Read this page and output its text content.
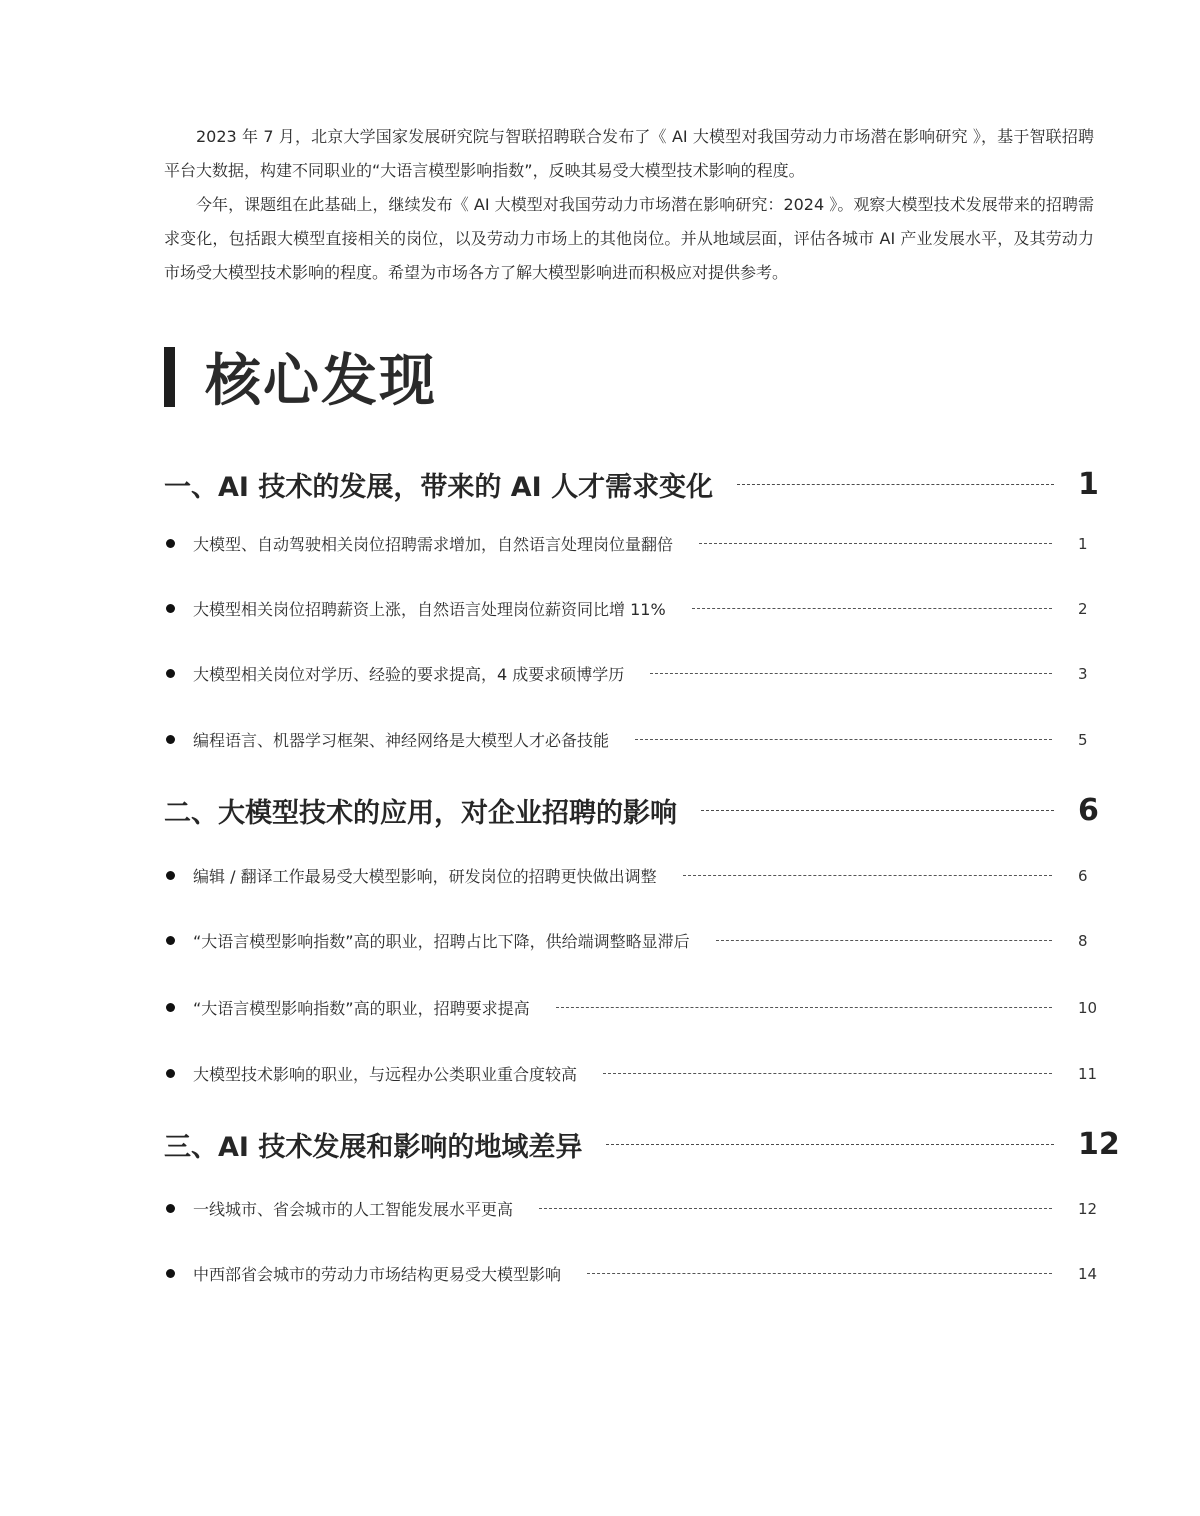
2023 年 7 月，北京大学国家发展研究院与智联招聘联合发布了《 AI 大模型对我国劳动力市场潜在影响研究 》，基于智联招聘平台大数据，构建不同职业的“大语言模型影响指数”，反映其易受大模型技术影响的程度。

今年，课题组在此基础上，继续发布《 AI 大模型对我国劳动力市场潜在影响研究：2024 》。观察大模型技术发展带来的招聘需求变化，包括跟大模型直接相关的岗位，以及劳动力市场上的其他岗位。并从地域层面，评估各城市 AI 产业发展水平，及其劳动力市场受大模型技术影响的程度。希望为市场各方了解大模型影响进而积极应对提供参考。

核心发现
一、AI 技术的发展，带来的 AI 人才需求变化	1
大模型、自动驾驶相关岗位招聘需求增加，自然语言处理岗位量翻倍	1
大模型相关岗位招聘薪资上涨，自然语言处理岗位薪资同比增 11%	2
大模型相关岗位对学历、经验的要求提高，4 成要求硕博学历	3
编程语言、机器学习框架、神经网络是大模型人才必备技能	5
二、大模型技术的应用，对企业招聘的影响	6
编辑 / 翻译工作最易受大模型影响，研发岗位的招聘更快做出调整	6
“大语言模型影响指数”高的职业，招聘占比下降，供给端调整略显滞后	8
“大语言模型影响指数”高的职业，招聘要求提高	10
大模型技术影响的职业，与远程办公类职业重合度较高	11
三、AI 技术发展和影响的地域差异	12
一线城市、省会城市的人工智能发展水平更高	12
中西部省会城市的劳动力市场结构更易受大模型影响	14
